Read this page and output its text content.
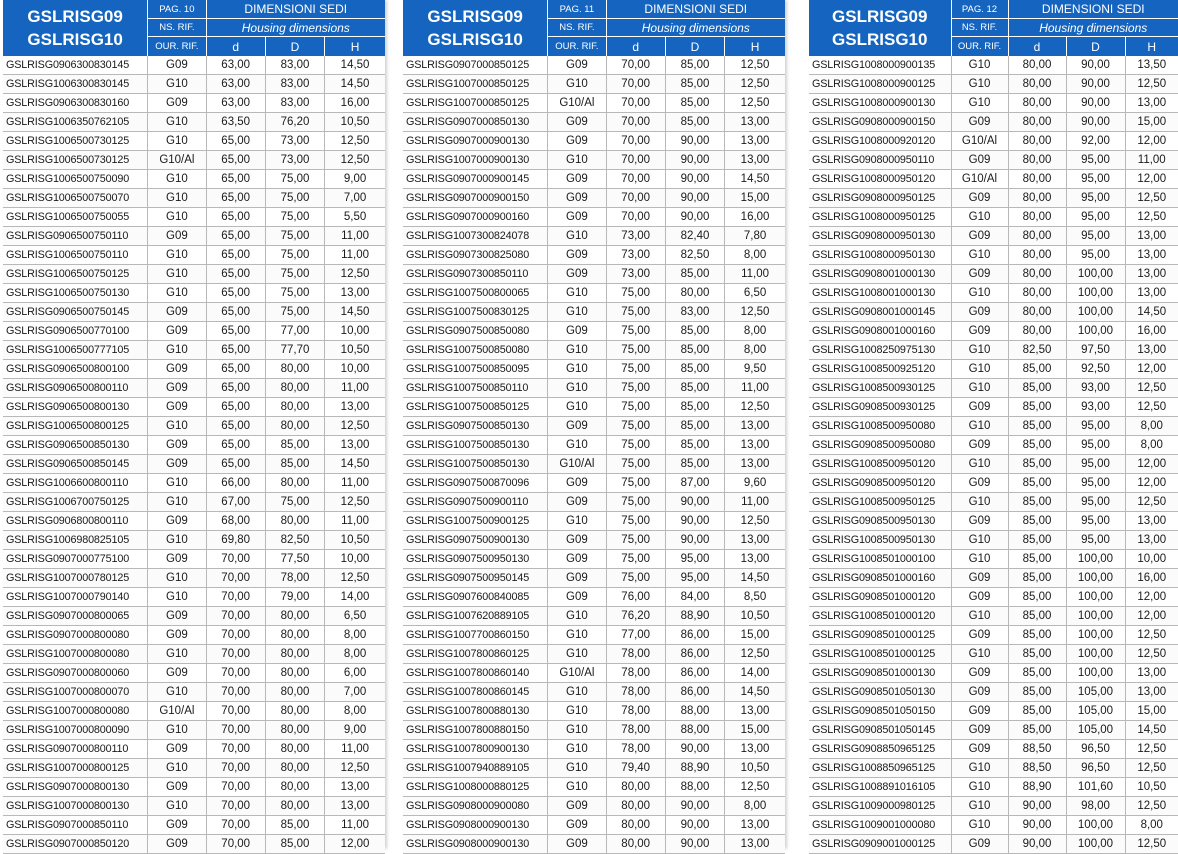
GSLRISG09
GSLRISG10	PAG. 10	DIMENSIONI SEDI		
	NS. RIF.	Housing dimensions		
	OUR. RIF.	d	D	H
GSLRISG0906300830145	G09	63,00	83,00	14,50
GSLRISG1006300830145	G10	63,00	83,00	14,50
GSLRISG0906300830160	G09	63,00	83,00	16,00
GSLRISG1006350762105	G10	63,50	76,20	10,50
GSLRISG1006500730125	G10	65,00	73,00	12,50
GSLRISG1006500730125	G10/Al	65,00	73,00	12,50
GSLRISG1006500750090	G10	65,00	75,00	9,00
GSLRISG1006500750070	G10	65,00	75,00	7,00
GSLRISG1006500750055	G10	65,00	75,00	5,50
GSLRISG0906500750110	G09	65,00	75,00	11,00
GSLRISG1006500750110	G10	65,00	75,00	11,00
GSLRISG1006500750125	G10	65,00	75,00	12,50
GSLRISG1006500750130	G10	65,00	75,00	13,00
GSLRISG0906500750145	G09	65,00	75,00	14,50
GSLRISG0906500770100	G09	65,00	77,00	10,00
GSLRISG1006500777105	G10	65,00	77,70	10,50
GSLRISG0906500800100	G09	65,00	80,00	10,00
GSLRISG0906500800110	G09	65,00	80,00	11,00
GSLRISG0906500800130	G09	65,00	80,00	13,00
GSLRISG1006500800125	G10	65,00	80,00	12,50
GSLRISG0906500850130	G09	65,00	85,00	13,00
GSLRISG0906500850145	G09	65,00	85,00	14,50
GSLRISG1006600800110	G10	66,00	80,00	11,00
GSLRISG1006700750125	G10	67,00	75,00	12,50
GSLRISG0906800800110	G09	68,00	80,00	11,00
GSLRISG1006980825105	G10	69,80	82,50	10,50
GSLRISG0907000775100	G09	70,00	77,50	10,00
GSLRISG1007000780125	G10	70,00	78,00	12,50
GSLRISG1007000790140	G10	70,00	79,00	14,00
GSLRISG0907000800065	G09	70,00	80,00	6,50
GSLRISG0907000800080	G09	70,00	80,00	8,00
GSLRISG1007000800080	G10	70,00	80,00	8,00
GSLRISG0907000800060	G09	70,00	80,00	6,00
GSLRISG1007000800070	G10	70,00	80,00	7,00
GSLRISG1007000800080	G10/Al	70,00	80,00	8,00
GSLRISG1007000800090	G10	70,00	80,00	9,00
GSLRISG0907000800110	G09	70,00	80,00	11,00
GSLRISG1007000800125	G10	70,00	80,00	12,50
GSLRISG0907000800130	G09	70,00	80,00	13,00
GSLRISG1007000800130	G10	70,00	80,00	13,00
GSLRISG0907000850110	G09	70,00	85,00	11,00
GSLRISG0907000850120	G09	70,00	85,00	12,00
GSLRISG09
GSLRISG10	PAG. 11	DIMENSIONI SEDI		
	NS. RIF.	Housing dimensions		
	OUR. RIF.	d	D	H
GSLRISG0907000850125	G09	70,00	85,00	12,50
GSLRISG1007000850125	G10	70,00	85,00	12,50
GSLRISG1007000850125	G10/Al	70,00	85,00	12,50
GSLRISG0907000850130	G09	70,00	85,00	13,00
GSLRISG0907000900130	G09	70,00	90,00	13,00
GSLRISG1007000900130	G10	70,00	90,00	13,00
GSLRISG0907000900145	G09	70,00	90,00	14,50
GSLRISG0907000900150	G09	70,00	90,00	15,00
GSLRISG0907000900160	G09	70,00	90,00	16,00
GSLRISG1007300824078	G10	73,00	82,40	7,80
GSLRISG0907300825080	G09	73,00	82,50	8,00
GSLRISG0907300850110	G09	73,00	85,00	11,00
GSLRISG1007500800065	G10	75,00	80,00	6,50
GSLRISG1007500830125	G10	75,00	83,00	12,50
GSLRISG0907500850080	G09	75,00	85,00	8,00
GSLRISG1007500850080	G10	75,00	85,00	8,00
GSLRISG1007500850095	G10	75,00	85,00	9,50
GSLRISG1007500850110	G10	75,00	85,00	11,00
GSLRISG1007500850125	G10	75,00	85,00	12,50
GSLRISG0907500850130	G09	75,00	85,00	13,00
GSLRISG1007500850130	G10	75,00	85,00	13,00
GSLRISG1007500850130	G10/Al	75,00	85,00	13,00
GSLRISG0907500870096	G09	75,00	87,00	9,60
GSLRISG0907500900110	G09	75,00	90,00	11,00
GSLRISG1007500900125	G10	75,00	90,00	12,50
GSLRISG0907500900130	G09	75,00	90,00	13,00
GSLRISG0907500950130	G09	75,00	95,00	13,00
GSLRISG0907500950145	G09	75,00	95,00	14,50
GSLRISG0907600840085	G09	76,00	84,00	8,50
GSLRISG1007620889105	G10	76,20	88,90	10,50
GSLRISG1007700860150	G10	77,00	86,00	15,00
GSLRISG1007800860125	G10	78,00	86,00	12,50
GSLRISG1007800860140	G10/Al	78,00	86,00	14,00
GSLRISG1007800860145	G10	78,00	86,00	14,50
GSLRISG1007800880130	G10	78,00	88,00	13,00
GSLRISG1007800880150	G10	78,00	88,00	15,00
GSLRISG1007800900130	G10	78,00	90,00	13,00
GSLRISG1007940889105	G10	79,40	88,90	10,50
GSLRISG1008000880125	G10	80,00	88,00	12,50
GSLRISG0908000900080	G09	80,00	90,00	8,00
GSLRISG0908000900130	G09	80,00	90,00	13,00
GSLRISG0908000900130	G09	80,00	90,00	13,00
GSLRISG09
GSLRISG10	PAG. 12	DIMENSIONI SEDI		
	NS. RIF.	Housing dimensions		
	OUR. RIF.	d	D	H
GSLRISG1008000900135	G10	80,00	90,00	13,50
GSLRISG1008000900125	G10	80,00	90,00	12,50
GSLRISG1008000900130	G10	80,00	90,00	13,00
GSLRISG0908000900150	G09	80,00	90,00	15,00
GSLRISG1008000920120	G10/Al	80,00	92,00	12,00
GSLRISG0908000950110	G09	80,00	95,00	11,00
GSLRISG1008000950120	G10/Al	80,00	95,00	12,00
GSLRISG0908000950125	G09	80,00	95,00	12,50
GSLRISG1008000950125	G10	80,00	95,00	12,50
GSLRISG0908000950130	G09	80,00	95,00	13,00
GSLRISG1008000950130	G10	80,00	95,00	13,00
GSLRISG0908001000130	G09	80,00	100,00	13,00
GSLRISG1008001000130	G10	80,00	100,00	13,00
GSLRISG0908001000145	G09	80,00	100,00	14,50
GSLRISG0908001000160	G09	80,00	100,00	16,00
GSLRISG1008250975130	G10	82,50	97,50	13,00
GSLRISG1008500925120	G10	85,00	92,50	12,00
GSLRISG1008500930125	G10	85,00	93,00	12,50
GSLRISG0908500930125	G09	85,00	93,00	12,50
GSLRISG1008500950080	G10	85,00	95,00	8,00
GSLRISG0908500950080	G09	85,00	95,00	8,00
GSLRISG1008500950120	G10	85,00	95,00	12,00
GSLRISG0908500950120	G09	85,00	95,00	12,00
GSLRISG1008500950125	G10	85,00	95,00	12,50
GSLRISG0908500950130	G09	85,00	95,00	13,00
GSLRISG1008500950130	G10	85,00	95,00	13,00
GSLRISG1008501000100	G10	85,00	100,00	10,00
GSLRISG0908501000160	G09	85,00	100,00	16,00
GSLRISG0908501000120	G09	85,00	100,00	12,00
GSLRISG1008501000120	G10	85,00	100,00	12,00
GSLRISG0908501000125	G09	85,00	100,00	12,50
GSLRISG1008501000125	G10	85,00	100,00	12,50
GSLRISG0908501000130	G09	85,00	100,00	13,00
GSLRISG0908501050130	G09	85,00	105,00	13,00
GSLRISG0908501050150	G09	85,00	105,00	15,00
GSLRISG0908501050145	G09	85,00	105,00	14,50
GSLRISG0908850965125	G09	88,50	96,50	12,50
GSLRISG1008850965125	G10	88,50	96,50	12,50
GSLRISG1008891016105	G10	88,90	101,60	10,50
GSLRISG1009000980125	G10	90,00	98,00	12,50
GSLRISG1009001000080	G10	90,00	100,00	8,00
GSLRISG0909001000125	G09	90,00	100,00	12,50
